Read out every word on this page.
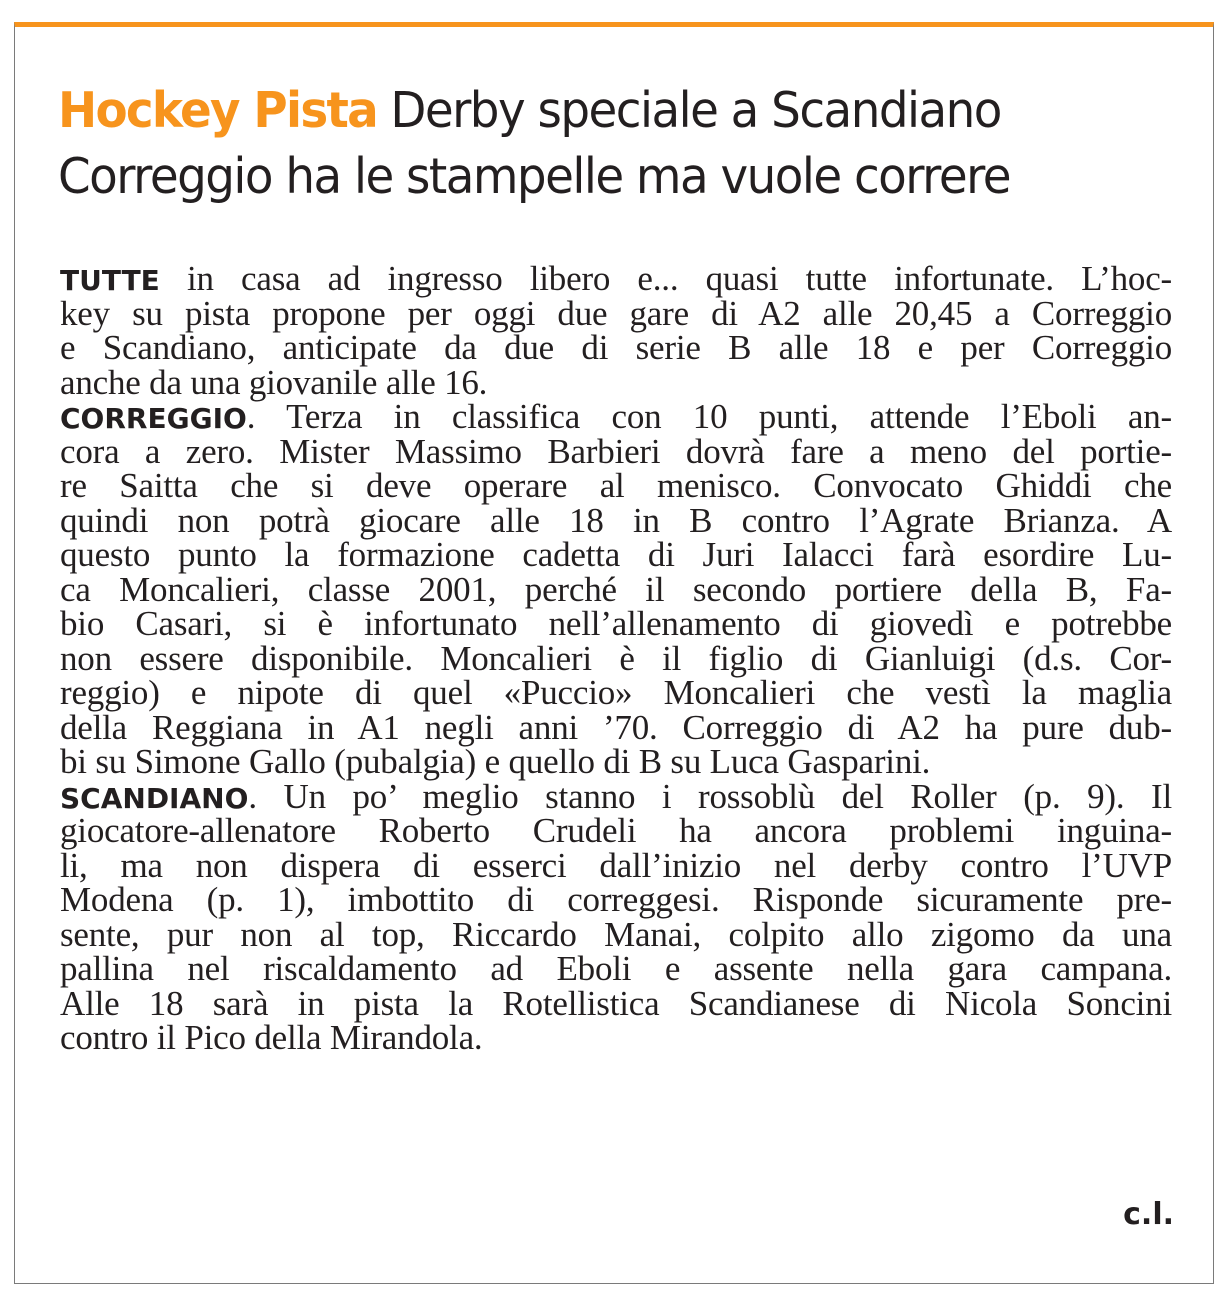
Hockey Pista Derby speciale a Scandiano
Correggio ha le stampelle ma vuole correre
TUTTE in casa ad ingresso libero e... quasi tutte infortunate. L’hoc-
key su pista propone per oggi due gare di A2 alle 20,45 a Correggio
e Scandiano, anticipate da due di serie B alle 18 e per Correggio
anche da una giovanile alle 16.
CORREGGIO. Terza in classifica con 10 punti, attende l’Eboli an-
cora a zero. Mister Massimo Barbieri dovrà fare a meno del portie-
re Saitta che si deve operare al menisco. Convocato Ghiddi che
quindi non potrà giocare alle 18 in B contro l’Agrate Brianza. A
questo punto la formazione cadetta di Juri Ialacci farà esordire Lu-
ca Moncalieri, classe 2001, perché il secondo portiere della B, Fa-
bio Casari, si è infortunato nell’allenamento di giovedì e potrebbe
non essere disponibile. Moncalieri è il figlio di Gianluigi (d.s. Cor-
reggio) e nipote di quel «Puccio» Moncalieri che vestì la maglia
della Reggiana in A1 negli anni ’70. Correggio di A2 ha pure dub-
bi su Simone Gallo (pubalgia) e quello di B su Luca Gasparini.
SCANDIANO. Un po’ meglio stanno i rossoblù del Roller (p. 9). Il
giocatore-allenatore Roberto Crudeli ha ancora problemi inguina-
li, ma non dispera di esserci dall’inizio nel derby contro l’UVP
Modena (p. 1), imbottito di correggesi. Risponde sicuramente pre-
sente, pur non al top, Riccardo Manai, colpito allo zigomo da una
pallina nel riscaldamento ad Eboli e assente nella gara campana.
Alle 18 sarà in pista la Rotellistica Scandianese di Nicola Soncini
contro il Pico della Mirandola.
c.l.
